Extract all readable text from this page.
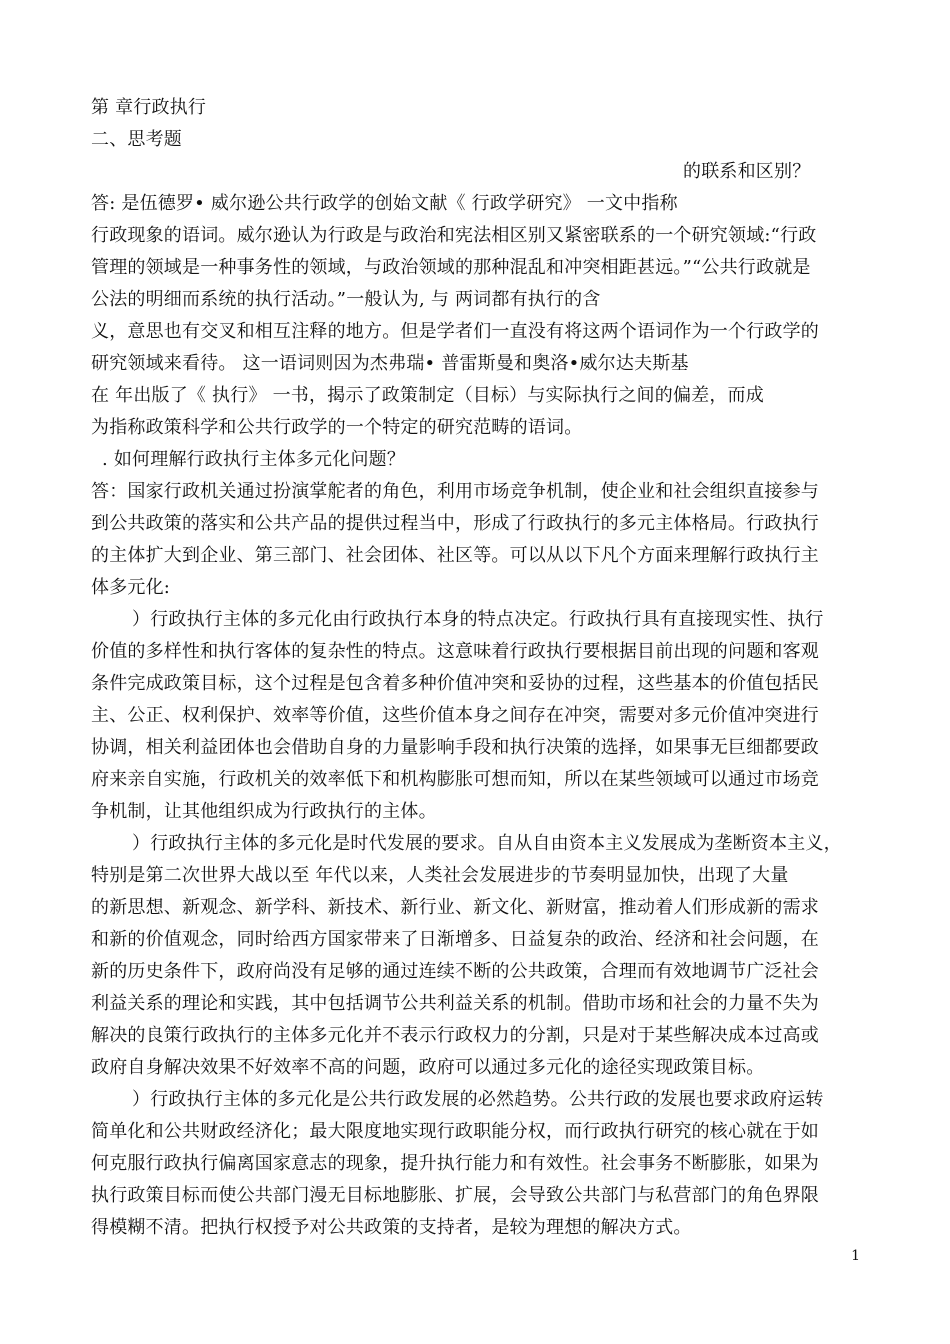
第 章行政执行
二、思考题
的联系和区别？
答: 是伍德罗• 威尔逊公共行政学的创始文献《 行政学研究》 一文中指称
行政现象的语词。威尔逊认为行政是与政治和宪法相区别又紧密联系的一个研究领域:“行政
管理的领域是一种事务性的领域，与政治领域的那种混乱和冲突相距甚远。”“公共行政就是
公法的明细而系统的执行活动。”一般认为, 与 两词都有执行的含
义，意思也有交叉和相互注释的地方。但是学者们一直没有将这两个语词作为一个行政学的
研究领域来看待。 这一语词则因为杰弗瑞• 普雷斯曼和奥洛•威尔达夫斯基
在 年出版了《 执行》 一书，揭示了政策制定（目标）与实际执行之间的偏差，而成
为指称政策科学和公共行政学的一个特定的研究范畴的语词。
. 如何理解行政执行主体多元化问题？
答：国家行政机关通过扮演掌舵者的角色，利用市场竞争机制，使企业和社会组织直接参与
到公共政策的落实和公共产品的提供过程当中，形成了行政执行的多元主体格局。行政执行
的主体扩大到企业、第三部门、社会团体、社区等。可以从以下凡个方面来理解行政执行主
体多元化:
）行政执行主体的多元化由行政执行本身的特点决定。行政执行具有直接现实性、执行
价值的多样性和执行客体的复杂性的特点。这意味着行政执行要根据目前出现的问题和客观
条件完成政策目标，这个过程是包含着多种价值冲突和妥协的过程，这些基本的价值包括民
主、公正、权利保护、效率等价值，这些价值本身之间存在冲突，需要对多元价值冲突进行
协调，相关利益团体也会借助自身的力量影响手段和执行决策的选择，如果事无巨细都要政
府来亲自实施，行政机关的效率低下和机构膨胀可想而知，所以在某些领域可以通过市场竞
争机制，让其他组织成为行政执行的主体。
）行政执行主体的多元化是时代发展的要求。自从自由资本主义发展成为垄断资本主义，
特别是第二次世界大战以至 年代以来，人类社会发展进步的节奏明显加快，出现了大量
的新思想、新观念、新学科、新技术、新行业、新文化、新财富，推动着人们形成新的需求
和新的价值观念，同时给西方国家带来了日渐增多、日益复杂的政治、经济和社会问题，在
新的历史条件下，政府尚没有足够的通过连续不断的公共政策，合理而有效地调节广泛社会
利益关系的理论和实践，其中包括调节公共利益关系的机制。借助市场和社会的力量不失为
解决的良策行政执行的主体多元化并不表示行政权力的分割，只是对于某些解决成本过高或
政府自身解决效果不好效率不高的问题，政府可以通过多元化的途径实现政策目标。
）行政执行主体的多元化是公共行政发展的必然趋势。公共行政的发展也要求政府运转
简单化和公共财政经济化；最大限度地实现行政职能分权，而行政执行研究的核心就在于如
何克服行政执行偏离国家意志的现象，提升执行能力和有效性。社会事务不断膨胀，如果为
执行政策目标而使公共部门漫无目标地膨胀、扩展，会导致公共部门与私营部门的角色界限
得模糊不清。把执行权授予对公共政策的支持者，是较为理想的解决方式。
1
